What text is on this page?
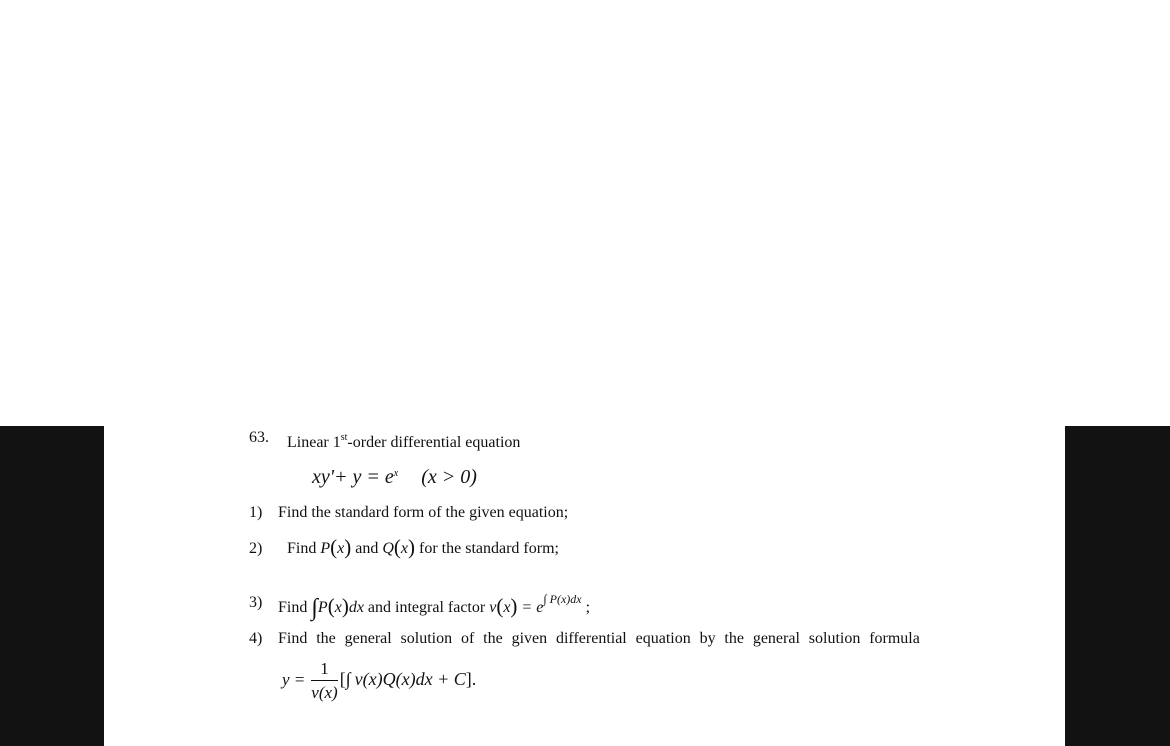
63. Linear 1st-order differential equation
$xy'+ y = e^x$ (x > 0)
1) Find the standard form of the given equation;
2) Find P(x) and Q(x) for the standard form;
3) Find ∫P(x)dx and integral factor $v(x) = e^{\int P(x)dx}$ ;
4) Find the general solution of the given differential equation by the general solution formula
$y = \frac{1}{v(x)}$ [∫ v(x)Q(x)dx + C].
